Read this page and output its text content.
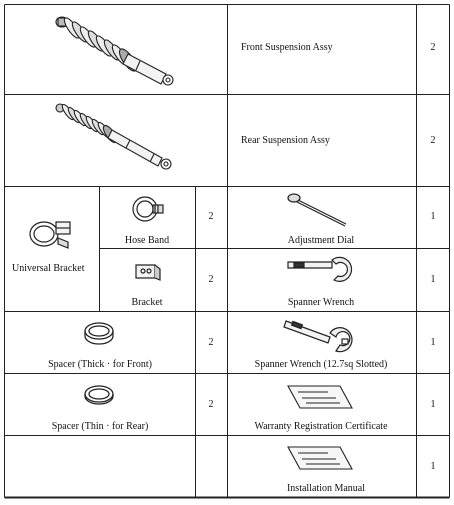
Front Suspension Assy	2
Rear Suspension Assy	2
Universal Bracket
Hose Band
2
Bracket
2
Spacer (Thick · for Front)
2
Spacer (Thin · for Rear)
2
Adjustment Dial
1
Spanner Wrench
1
Spanner Wrench (12.7sq Slotted)
1
Warranty Registration Certificate
1
Installation Manual
1
